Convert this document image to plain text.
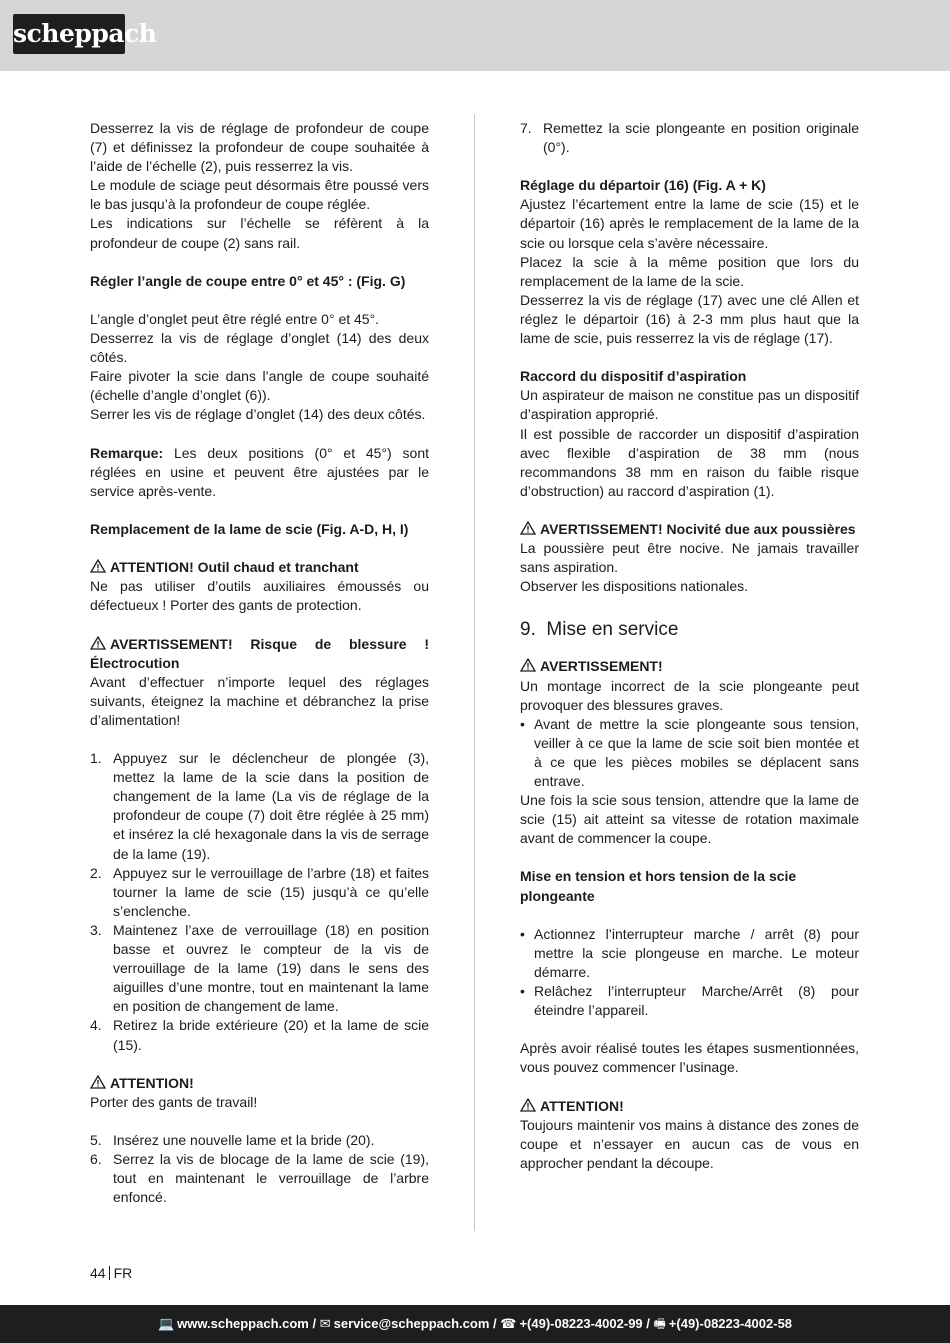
scheppach

Desserrez la vis de réglage de profondeur de coupe (7) et définissez la profondeur de coupe souhaitée à l’aide de l’échelle (2), puis resserrez la vis.

Le module de sciage peut désormais être poussé vers le bas jusqu’à la profondeur de coupe réglée.

Les indications sur l’échelle se réfèrent à la profondeur de coupe (2) sans rail.

Régler l’angle de coupe entre 0° et 45° : (Fig. G)

L’angle d’onglet peut être réglé entre 0° et 45°.

Desserrez la vis de réglage d’onglet (14) des deux côtés.

Faire pivoter la scie dans l’angle de coupe souhaité (échelle d’angle d’onglet (6)).

Serrer les vis de réglage d’onglet (14) des deux côtés.

Remarque: Les deux positions (0° et 45°) sont réglées en usine et peuvent être ajustées par le service après-vente.

Remplacement de la lame de scie (Fig. A-D, H, I)

ATTENTION! Outil chaud et tranchant

Ne pas utiliser d’outils auxiliaires émoussés ou défectueux ! Porter des gants de protection.

AVERTISSEMENT! Risque de blessure ! Électrocution

Avant d’effectuer n’importe lequel des réglages suivants, éteignez la machine et débranchez la prise d’alimentation!

1. Appuyez sur le déclencheur de plongée (3), mettez la lame de la scie dans la position de changement de la lame (La vis de réglage de la profondeur de coupe (7) doit être réglée à 25 mm) et insérez la clé hexagonale dans la vis de serrage de la lame (19).
2. Appuyez sur le verrouillage de l’arbre (18) et faites tourner la lame de scie (15) jusqu’à ce qu’elle s’enclenche.
3. Maintenez l’axe de verrouillage (18) en position basse et ouvrez le compteur de la vis de verrouillage de la lame (19) dans le sens des aiguilles d’une montre, tout en maintenant la lame en position de changement de lame.
4. Retirez la bride extérieure (20) et la lame de scie (15).

ATTENTION!

Porter des gants de travail!

5. Insérez une nouvelle lame et la bride (20).
6. Serrez la vis de blocage de la lame de scie (19), tout en maintenant le verrouillage de l’arbre enfoncé.
7. Remettez la scie plongeante en position originale (0°).

Réglage du départoir (16) (Fig. A + K)

Ajustez l’écartement entre la lame de scie (15) et le départoir (16) après le remplacement de la lame de la scie ou lorsque cela s’avère nécessaire.

Placez la scie à la même position que lors du remplacement de la lame de la scie.

Desserrez la vis de réglage (17) avec une clé Allen et réglez le départoir (16) à 2-3 mm plus haut que la lame de scie, puis resserrez la vis de réglage (17).

Raccord du dispositif d’aspiration

Un aspirateur de maison ne constitue pas un dispositif d’aspiration approprié.

Il est possible de raccorder un dispositif d’aspiration avec flexible d’aspiration de 38 mm (nous recommandons 38 mm en raison du faible risque d’obstruction) au raccord d’aspiration (1).

AVERTISSEMENT! Nocivité due aux poussières

La poussière peut être nocive. Ne jamais travailler sans aspiration.

Observer les dispositions nationales.

9. Mise en service

AVERTISSEMENT!

Un montage incorrect de la scie plongeante peut provoquer des blessures graves.

• Avant de mettre la scie plongeante sous tension, veiller à ce que la lame de scie soit bien montée et à ce que les pièces mobiles se déplacent sans entrave.

Une fois la scie sous tension, attendre que la lame de scie (15) ait atteint sa vitesse de rotation maximale avant de commencer la coupe.

Mise en tension et hors tension de la scie plongeante

• Actionnez l’interrupteur marche / arrêt (8) pour mettre la scie plongeuse en marche. Le moteur démarre.
• Relâchez l’interrupteur Marche/Arrêt (8) pour éteindre l’appareil.

Après avoir réalisé toutes les étapes susmentionnées, vous pouvez commencer l’usinage.

ATTENTION!

Toujours maintenir vos mains à distance des zones de coupe et n’essayer en aucun cas de vous en approcher pendant la découpe.

44 FR
💻 www.scheppach.com / ✉ service@scheppach.com / ☎ +(49)-08223-4002-99 / 🖷 +(49)-08223-4002-58
